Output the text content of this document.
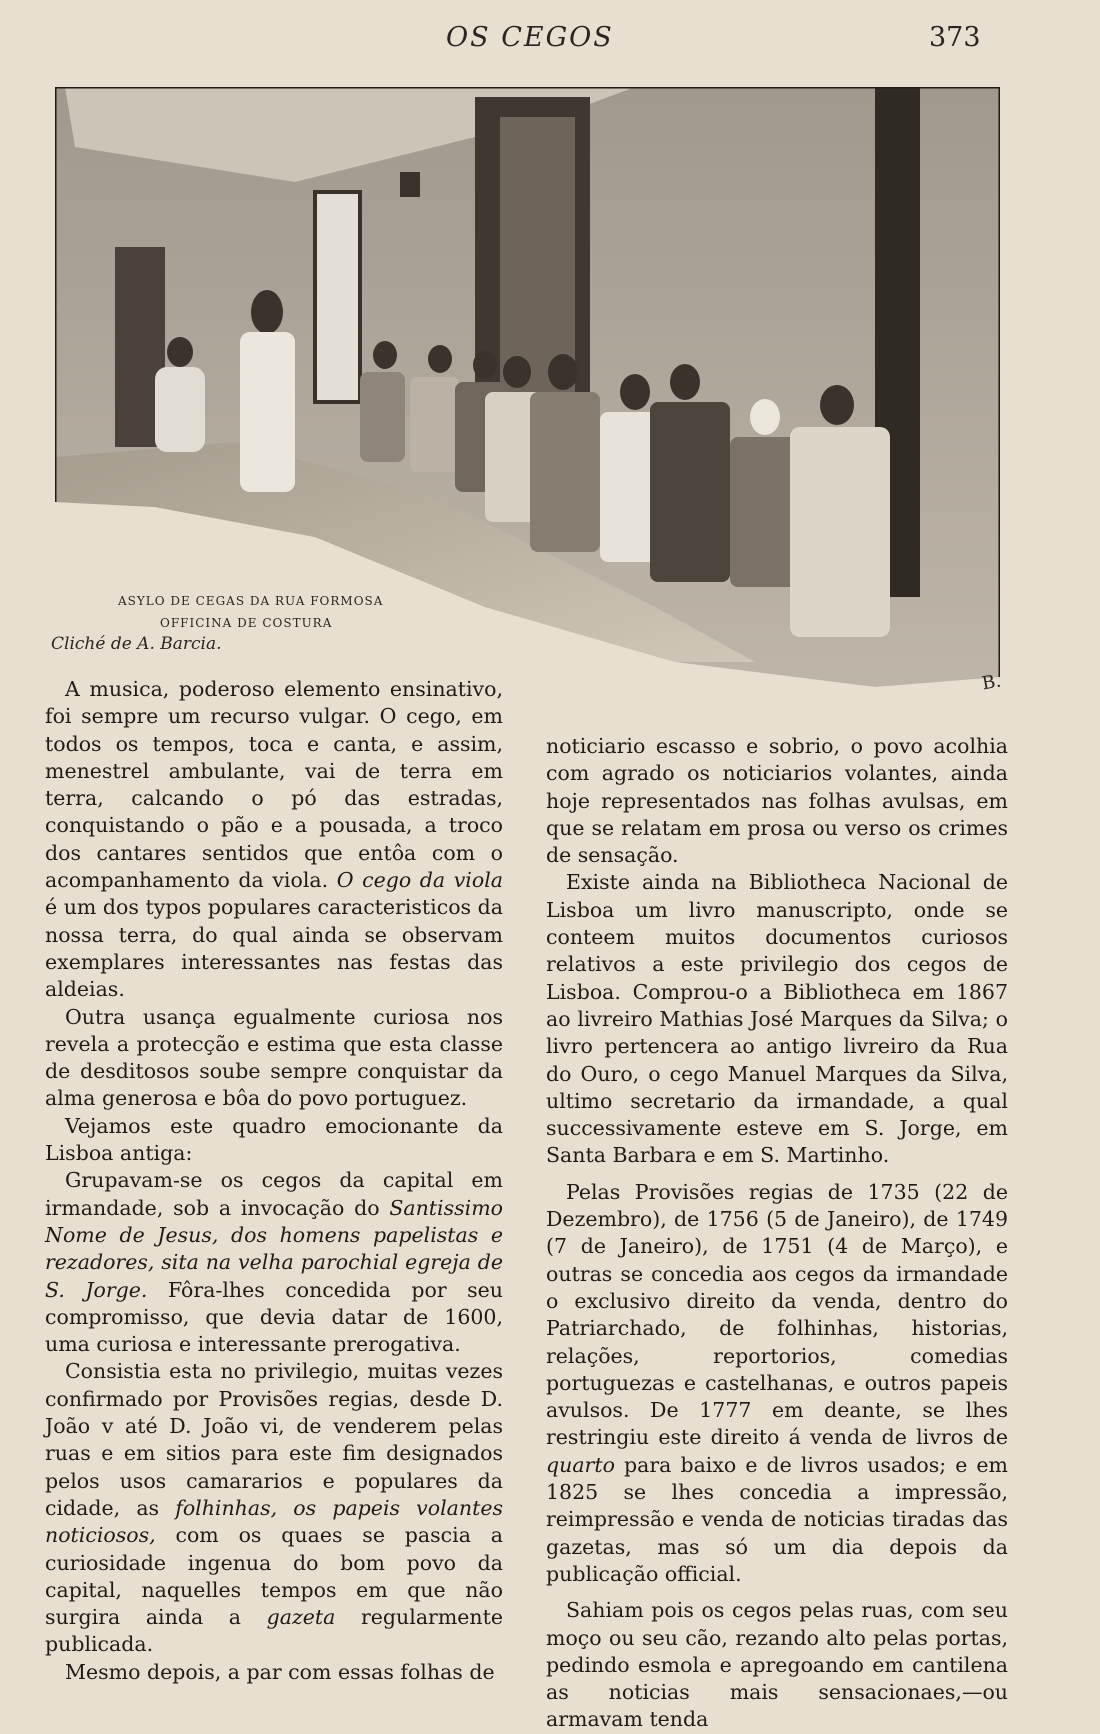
OS CEGOS	373
ASYLO DE CEGAS DA RUA FORMOSA
OFFICINA DE COSTURA
Cliché de A. Barcia.
B.

A musica, poderoso elemento ensinativo, foi sempre um recurso vulgar. O cego, em todos os tempos, toca e canta, e assim, menestrel ambulante, vai de terra em terra, calcando o pó das estradas, conquistando o pão e a pousada, a troco dos cantares sentidos que entôa com o acompanhamento da viola. O cego da viola é um dos typos populares caracteristicos da nossa terra, do qual ainda se observam exemplares interessantes nas festas das aldeias.

Outra usança egualmente curiosa nos revela a protecção e estima que esta classe de desditosos soube sempre conquistar da alma generosa e bôa do povo portuguez.

Vejamos este quadro emocionante da Lisboa antiga:

Grupavam-se os cegos da capital em irmandade, sob a invocação do Santissimo Nome de Jesus, dos homens papelistas e rezadores, sita na velha parochial egreja de S. Jorge. Fôra-lhes concedida por seu compromisso, que devia datar de 1600, uma curiosa e interessante prerogativa.

Consistia esta no privilegio, muitas vezes confirmado por Provisões regias, desde D. João v até D. João vi, de venderem pelas ruas e em sitios para este fim designados pelos usos camararios e populares da cidade, as folhinhas, os papeis volantes noticiosos, com os quaes se pascia a curiosidade ingenua do bom povo da capital, naquelles tempos em que não surgira ainda a gazeta regularmente publicada.

Mesmo depois, a par com essas folhas de

noticiario escasso e sobrio, o povo acolhia com agrado os noticiarios volantes, ainda hoje representados nas folhas avulsas, em que se relatam em prosa ou verso os crimes de sensação.

Existe ainda na Bibliotheca Nacional de Lisboa um livro manuscripto, onde se conteem muitos documentos curiosos relativos a este privilegio dos cegos de Lisboa. Comprou-o a Bibliotheca em 1867 ao livreiro Mathias José Marques da Silva; o livro pertencera ao antigo livreiro da Rua do Ouro, o cego Manuel Marques da Silva, ultimo secretario da irmandade, a qual successivamente esteve em S. Jorge, em Santa Barbara e em S. Martinho.

Pelas Provisões regias de 1735 (22 de Dezembro), de 1756 (5 de Janeiro), de 1749 (7 de Janeiro), de 1751 (4 de Março), e outras se concedia aos cegos da irmandade o exclusivo direito da venda, dentro do Patriarchado, de folhinhas, historias, relações, reportorios, comedias portuguezas e castelhanas, e outros papeis avulsos. De 1777 em deante, se lhes restringiu este direito á venda de livros de quarto para baixo e de livros usados; e em 1825 se lhes concedia a impressão, reimpressão e venda de noticias tiradas das gazetas, mas só um dia depois da publicação official.

Sahiam pois os cegos pelas ruas, com seu moço ou seu cão, rezando alto pelas portas, pedindo esmola e apregoando em cantilena as noticias mais sensacionaes,—ou armavam tenda
